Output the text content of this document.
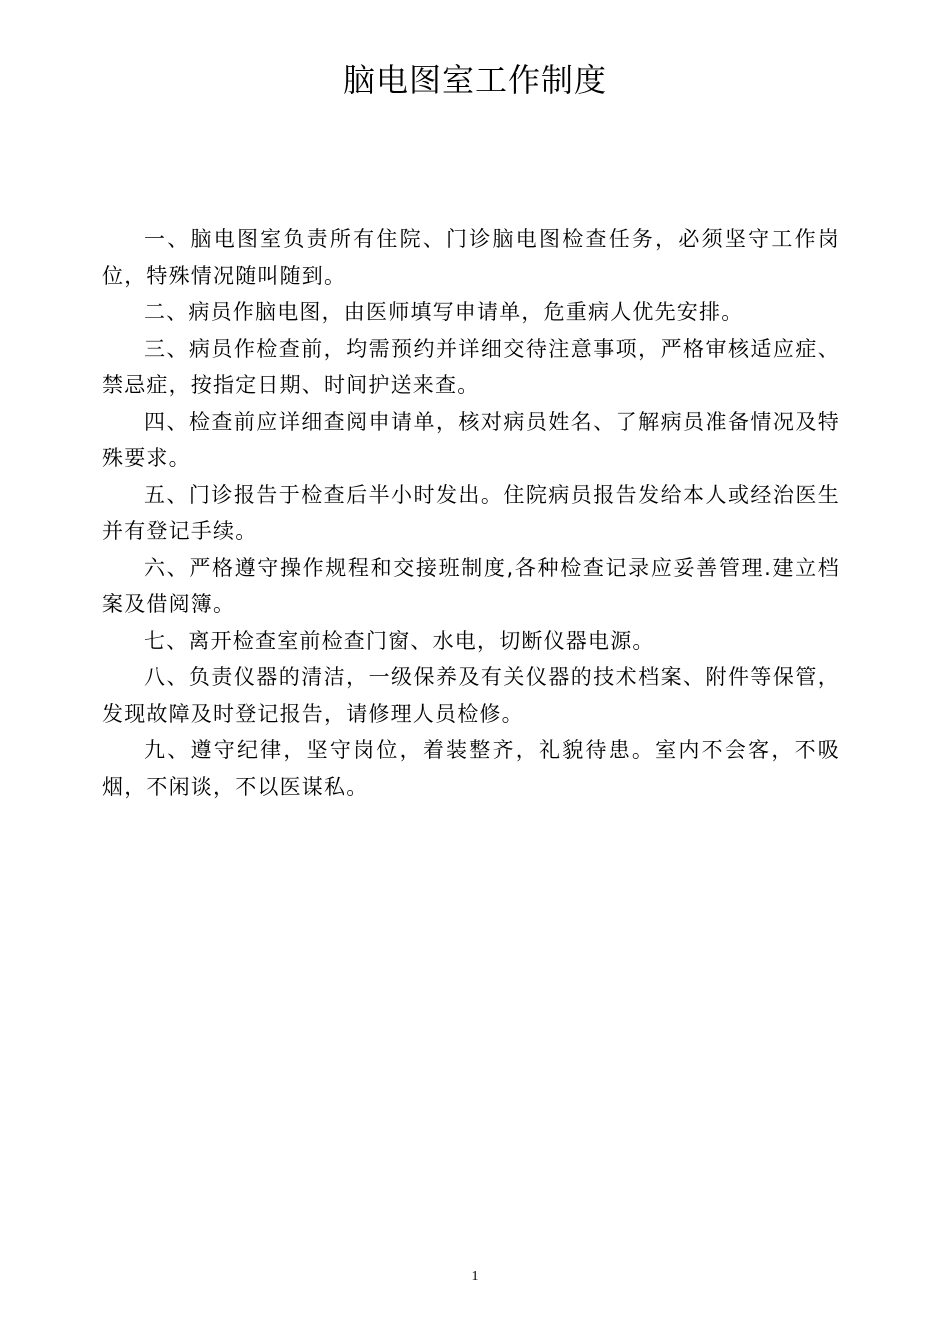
脑电图室工作制度

一、脑电图室负责所有住院、门诊脑电图检查任务，必须坚守工作岗位，特殊情况随叫随到。

二、病员作脑电图，由医师填写申请单，危重病人优先安排。

三、病员作检查前，均需预约并详细交待注意事项，严格审核适应症、禁忌症，按指定日期、时间护送来查。

四、检查前应详细查阅申请单，核对病员姓名、了解病员准备情况及特殊要求。

五、门诊报告于检查后半小时发出。住院病员报告发给本人或经治医生并有登记手续。

六、严格遵守操作规程和交接班制度,各种检查记录应妥善管理.建立档案及借阅簿。

七、离开检查室前检查门窗、水电，切断仪器电源。

八、负责仪器的清洁，一级保养及有关仪器的技术档案、附件等保管，发现故障及时登记报告，请修理人员检修。

九、遵守纪律，坚守岗位，着装整齐，礼貌待患。室内不会客，不吸烟，不闲谈，不以医谋私。

1
